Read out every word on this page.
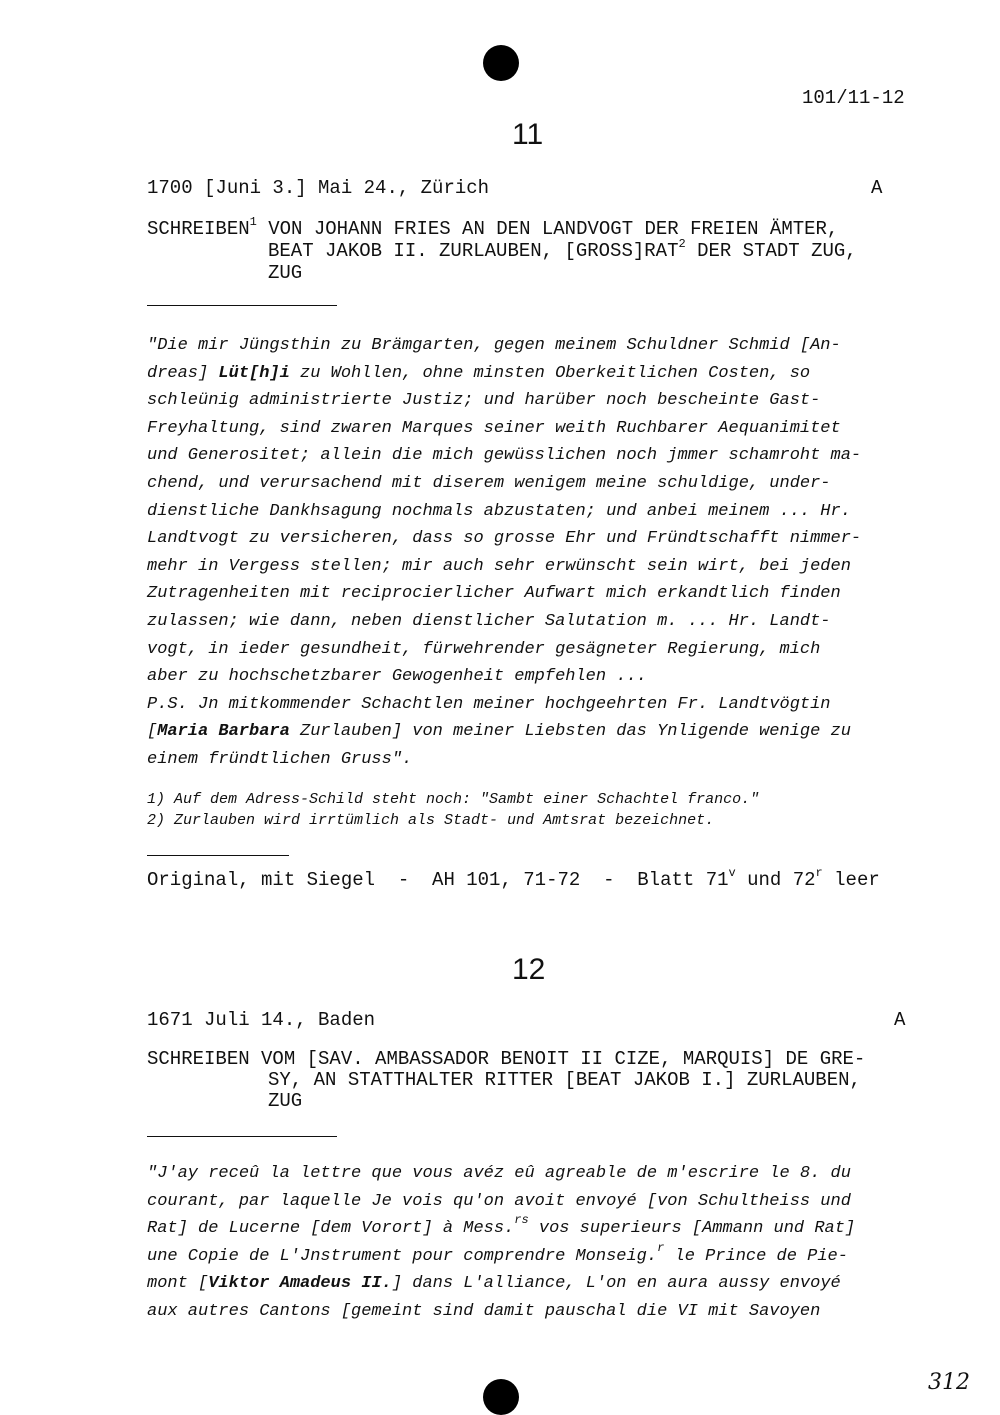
101/11-12
11
1700 [Juni 3.] Mai 24., Zürich	A
SCHREIBEN$^1$ VON JOHANN FRIES AN DEN LANDVOGT DER FREIEN ÄMTER,
BEAT JAKOB II. ZURLAUBEN, [GROSS]RAT$^2$ DER STADT ZUG,
ZUG
"Die mir Jüngsthin zu Brämgarten, gegen meinem Schuldner Schmid [An-
dreas] Lüt[h]i zu Wohllen, ohne minsten Oberkeitlichen Costen, so
schleünig administrierte Justiz; und harüber noch bescheinte Gast-
Freyhaltung, sind zwaren Marques seiner weith Ruchbarer Aequanimitet
und Generositet; allein die mich gewüsslichen noch jmmer schamroht ma-
chend, und verursachend mit diserem wenigem meine schuldige, under-
dienstliche Dankhsagung nochmals abzustaten; und anbei meinem ... Hr.
Landtvogt zu versicheren, dass so grosse Ehr und Fründtschafft nimmer-
mehr in Vergess stellen; mir auch sehr erwünscht sein wirt, bei jeden
Zutragenheiten mit reciprocierlicher Aufwart mich erkandtlich finden
zulassen; wie dann, neben dienstlicher Salutation m. ... Hr. Landt-
vogt, in ieder gesundheit, fürwehrender gesägneter Regierung, mich
aber zu hochschetzbarer Gewogenheit empfehlen ...
P.S. Jn mitkommender Schachtlen meiner hochgeehrten Fr. Landtvögtin
[Maria Barbara Zurlauben] von meiner Liebsten das Ynligende wenige zu
einem fründtlichen Gruss".
1) Auf dem Adress-Schild steht noch: "Sambt einer Schachtel franco."
2) Zurlauben wird irrtümlich als Stadt- und Amtsrat bezeichnet.
Original, mit Siegel  -  AH 101, 71-72  -  Blatt 71$^v$ und 72$^r$ leer
12
1671 Juli 14., Baden	A
SCHREIBEN VOM [SAV. AMBASSADOR BENOIT II CIZE, MARQUIS] DE GRE-
SY, AN STATTHALTER RITTER [BEAT JAKOB I.] ZURLAUBEN,
ZUG
"J'ay receû la lettre que vous avéz eû agreable de m'escrire le 8. du
courant, par laquelle Je vois qu'on avoit envoyé [von Schultheiss und
Rat] de Lucerne [dem Vorort] à Mess.$^{rs}$ vos superieurs [Ammann und Rat]
une Copie de L'Jnstrument pour comprendre Monseig.$^r$ le Prince de Pie-
mont [Viktor Amadeus II.] dans L'alliance, L'on en aura aussy envoyé
aux autres Cantons [gemeint sind damit pauschal die VI mit Savoyen
312
